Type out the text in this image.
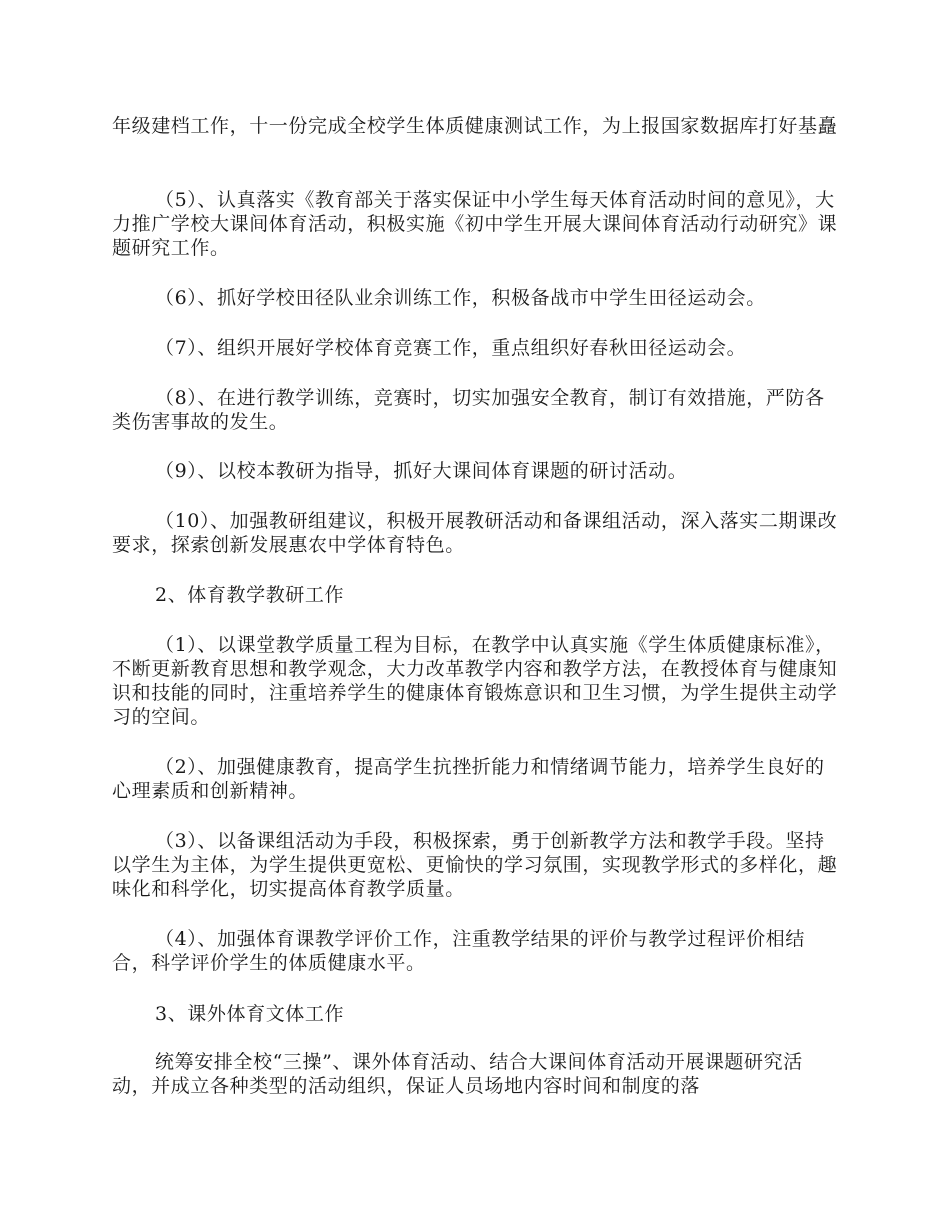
年级建档工作，十一份完成全校学生体质健康测试工作，为上报国家数据库打好基矗

（5）、认真落实《教育部关于落实保证中小学生每天体育活动时间的意见》，大力推广学校大课间体育活动，积极实施《初中学生开展大课间体育活动行动研究》课题研究工作。

（6）、抓好学校田径队业余训练工作，积极备战市中学生田径运动会。

（7）、组织开展好学校体育竞赛工作，重点组织好春秋田径运动会。

（8）、在进行教学训练，竞赛时，切实加强安全教育，制订有效措施，严防各类伤害事故的发生。

（9）、以校本教研为指导，抓好大课间体育课题的研讨活动。

（10）、加强教研组建议，积极开展教研活动和备课组活动，深入落实二期课改要求，探索创新发展惠农中学体育特色。

2、体育教学教研工作

（1）、以课堂教学质量工程为目标，在教学中认真实施《学生体质健康标准》，不断更新教育思想和教学观念，大力改革教学内容和教学方法，在教授体育与健康知识和技能的同时，注重培养学生的健康体育锻炼意识和卫生习惯，为学生提供主动学习的空间。

（2）、加强健康教育，提高学生抗挫折能力和情绪调节能力，培养学生良好的心理素质和创新精神。

（3）、以备课组活动为手段，积极探索，勇于创新教学方法和教学手段。坚持以学生为主体，为学生提供更宽松、更愉快的学习氛围，实现教学形式的多样化，趣味化和科学化，切实提高体育教学质量。

（4）、加强体育课教学评价工作，注重教学结果的评价与教学过程评价相结合，科学评价学生的体质健康水平。

3、课外体育文体工作

统筹安排全校“三操”、课外体育活动、结合大课间体育活动开展课题研究活动，并成立各种类型的活动组织，保证人员场地内容时间和制度的落
